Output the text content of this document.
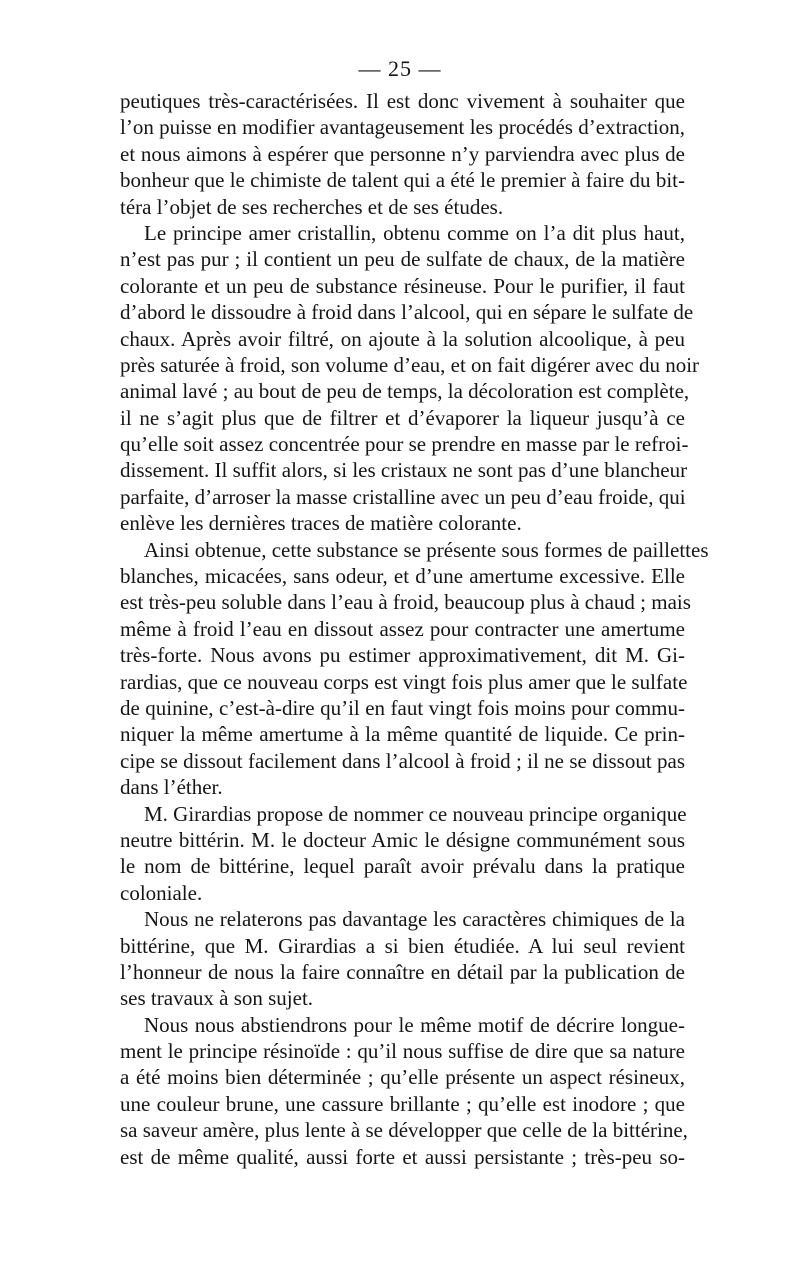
— 25 —
peutiques très-caractérisées. Il est donc vivement à souhaiter que
l’on puisse en modifier avantageusement les procédés d’extraction,
et nous aimons à espérer que personne n’y parviendra avec plus de
bonheur que le chimiste de talent qui a été le premier à faire du bit-
téra l’objet de ses recherches et de ses études.
Le principe amer cristallin, obtenu comme on l’a dit plus haut,
n’est pas pur ; il contient un peu de sulfate de chaux, de la matière
colorante et un peu de substance résineuse. Pour le purifier, il faut
d’abord le dissoudre à froid dans l’alcool, qui en sépare le sulfate de
chaux. Après avoir filtré, on ajoute à la solution alcoolique, à peu
près saturée à froid, son volume d’eau, et on fait digérer avec du noir
animal lavé ; au bout de peu de temps, la décoloration est complète,
il ne s’agit plus que de filtrer et d’évaporer la liqueur jusqu’à ce
qu’elle soit assez concentrée pour se prendre en masse par le refroi-
dissement. Il suffit alors, si les cristaux ne sont pas d’une blancheur
parfaite, d’arroser la masse cristalline avec un peu d’eau froide, qui
enlève les dernières traces de matière colorante.
Ainsi obtenue, cette substance se présente sous formes de paillettes
blanches, micacées, sans odeur, et d’une amertume excessive. Elle
est très-peu soluble dans l’eau à froid, beaucoup plus à chaud ; mais
même à froid l’eau en dissout assez pour contracter une amertume
très-forte. Nous avons pu estimer approximativement, dit M. Gi-
rardias, que ce nouveau corps est vingt fois plus amer que le sulfate
de quinine, c’est-à-dire qu’il en faut vingt fois moins pour commu-
niquer la même amertume à la même quantité de liquide. Ce prin-
cipe se dissout facilement dans l’alcool à froid ; il ne se dissout pas
dans l’éther.
M. Girardias propose de nommer ce nouveau principe organique
neutre bittérin. M. le docteur Amic le désigne communément sous
le nom de bittérine, lequel paraît avoir prévalu dans la pratique
coloniale.
Nous ne relaterons pas davantage les caractères chimiques de la
bittérine, que M. Girardias a si bien étudiée. A lui seul revient
l’honneur de nous la faire connaître en détail par la publication de
ses travaux à son sujet.
Nous nous abstiendrons pour le même motif de décrire longue-
ment le principe résinoïde : qu’il nous suffise de dire que sa nature
a été moins bien déterminée ; qu’elle présente un aspect résineux,
une couleur brune, une cassure brillante ; qu’elle est inodore ; que
sa saveur amère, plus lente à se développer que celle de la bittérine,
est de même qualité, aussi forte et aussi persistante ; très-peu so-
